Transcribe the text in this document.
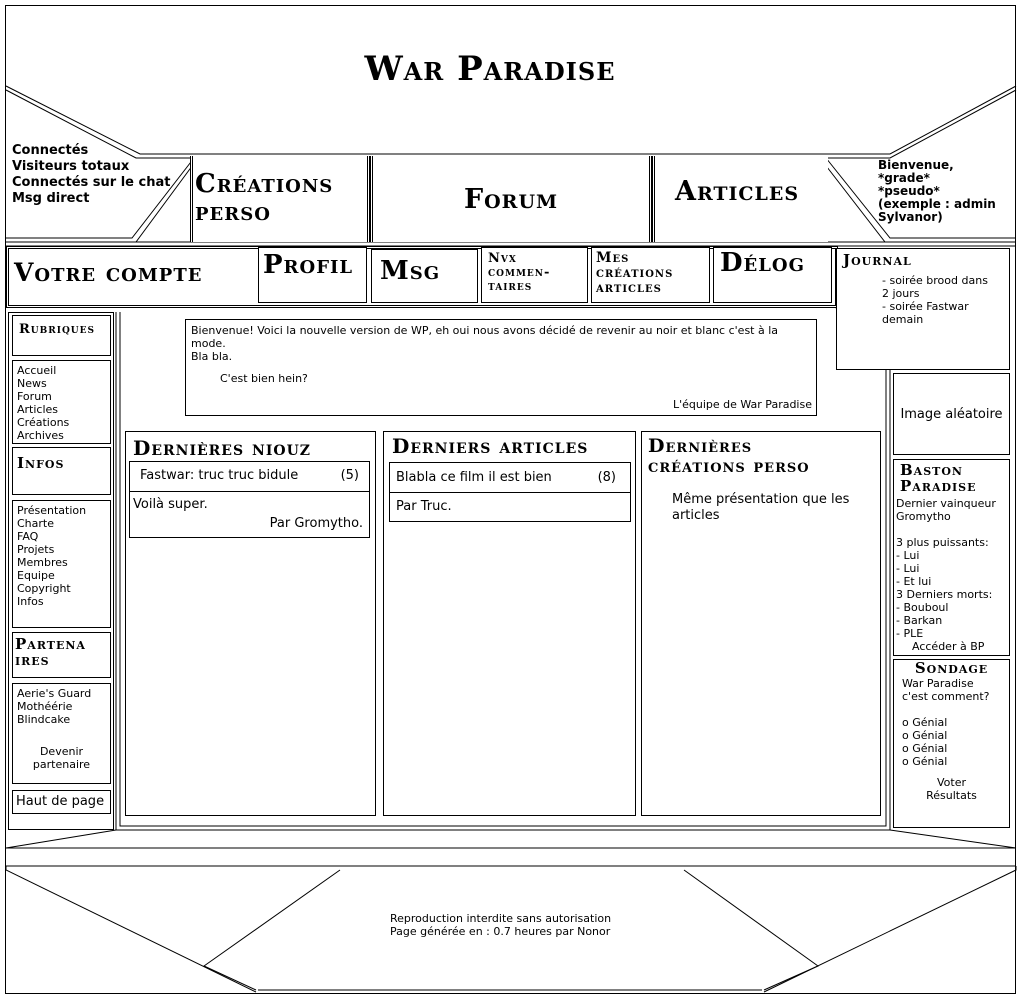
War Paradise
Connectés
Visiteurs totaux
Connectés sur le chat
Msg direct	Créations perso	Forum	Articles
Bienvenue,
*grade*
*pseudo*
(exemple : admin
Sylvanor)
Votre compte Profil	Msg	Nvx commen-taires
Mes créations articles
Délog	Journal
- soirée brood dans
2 jours
- soirée Fastwar
demain
Rubriques
Accueil
News
Forum
Articles
Créations
Archives
Infos
Présentation
Charte
FAQ
Projets
Membres
Equipe
Copyright
Infos
Partena
ires
Aerie's Guard
Mothéérie
Blindcake
Devenir
partenaire
Haut de page
Bienvenue! Voici la nouvelle version de WP, eh oui nous avons décidé de revenir au noir et blanc c'est à la
mode.
Bla bla.
C'est bien hein?
L'équipe de War Paradise
Dernières niouz
Fastwar: truc truc bidule	(5)
Voilà super.
Par Gromytho.
Derniers articles
Blabla ce film il est bien	(8)
Par Truc.
Dernières
créations perso
Même présentation que les
articles
Image aléatoire
Baston
Paradise
Dernier vainqueur
Gromytho
3 plus puissants:
- Lui
- Lui
- Et lui
3 Derniers morts:
- Bouboul
- Barkan
- PLE
Accéder à BP
Sondage
War Paradise
c'est comment?
o Génial
o Génial
o Génial
o Génial
Voter
Résultats
Reproduction interdite sans autorisation
Page générée en : 0.7 heures par Nonor
